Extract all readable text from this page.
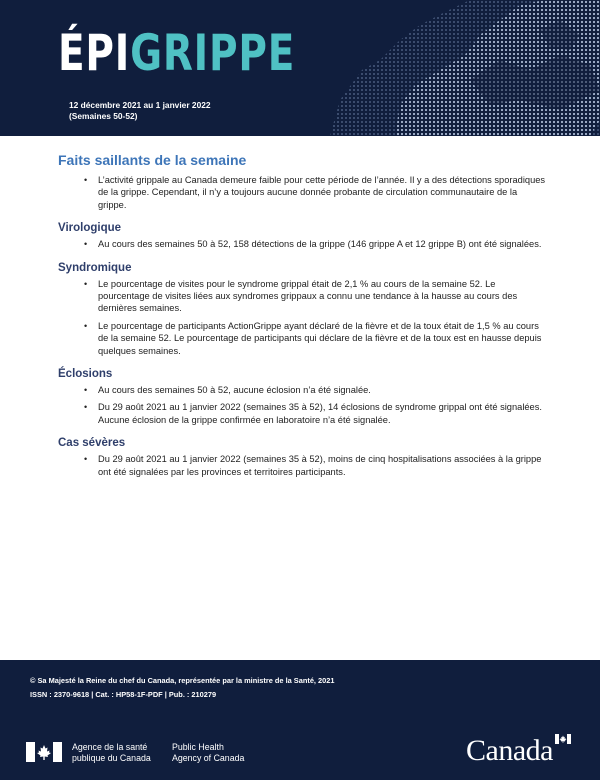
ÉPIGRIPPE
12 décembre 2021 au 1 janvier 2022
(Semaines 50-52)
Faits saillants de la semaine
• L’activité grippale au Canada demeure faible pour cette période de l’année. Il y a des détections sporadiques de la grippe. Cependant, il n’y a toujours aucune donnée probante de circulation communautaire de la grippe.
Virologique
• Au cours des semaines 50 à 52, 158 détections de la grippe (146 grippe A et 12 grippe B) ont été signalées.
Syndromique
• Le pourcentage de visites pour le syndrome grippal était de 2,1 % au cours de la semaine 52. Le pourcentage de visites liées aux syndromes grippaux a connu une tendance à la hausse au cours des dernières semaines.
• Le pourcentage de participants ActionGrippe ayant déclaré de la fièvre et de la toux était de 1,5 % au cours de la semaine 52. Le pourcentage de participants qui déclare de la fièvre et de la toux est en hausse depuis quelques semaines.
Éclosions
• Au cours des semaines 50 à 52, aucune éclosion n’a été signalée.
• Du 29 août 2021 au 1 janvier 2022 (semaines 35 à 52), 14 éclosions de syndrome grippal ont été signalées. Aucune éclosion de la grippe confirmée en laboratoire n’a été signalée.
Cas sévères
• Du 29 août 2021 au 1 janvier 2022 (semaines 35 à 52), moins de cinq hospitalisations associées à la grippe ont été signalées par les provinces et territoires participants.
© Sa Majesté la Reine du chef du Canada, représentée par la ministre de la Santé, 2021
ISSN : 2370-9618 | Cat. : HP58-1F-PDF | Pub. : 210279
Agence de la santé
publique du Canada
Public Health
Agency of Canada	Canada
